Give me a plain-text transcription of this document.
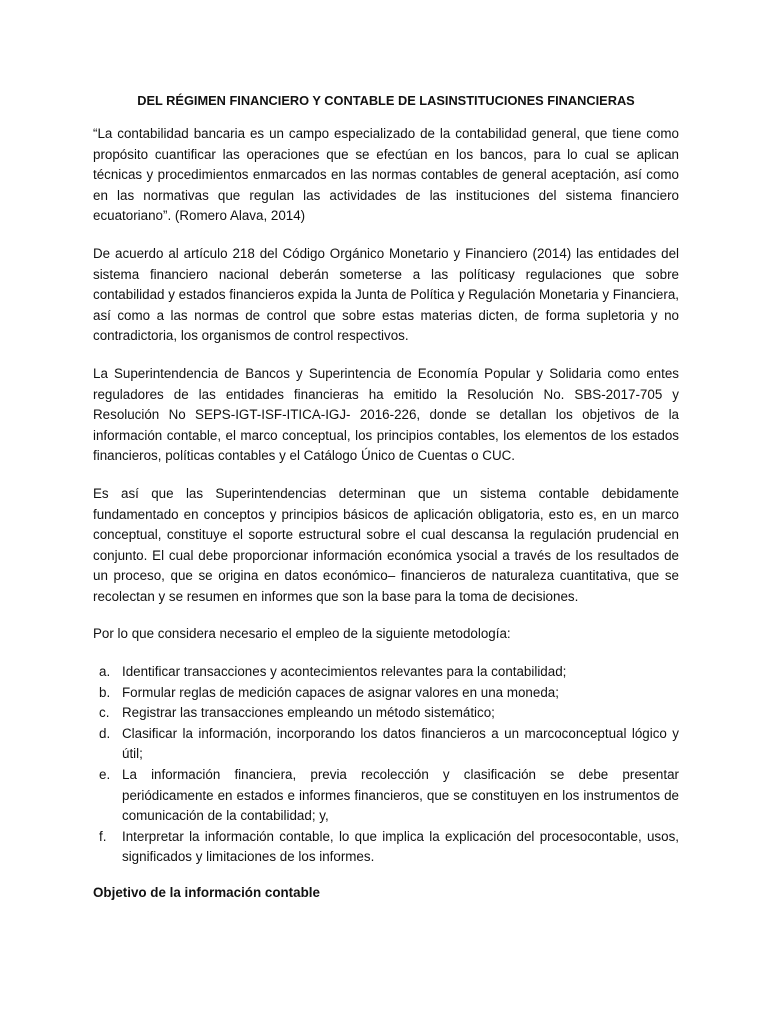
DEL RÉGIMEN FINANCIERO Y CONTABLE DE LASINSTITUCIONES FINANCIERAS

“La contabilidad bancaria es un campo especializado de la contabilidad general, que tiene como propósito cuantificar las operaciones que se efectúan en los bancos, para lo cual se aplican técnicas y procedimientos enmarcados en las normas contables de general aceptación, así como en las normativas que regulan las actividades de las instituciones del sistema financiero ecuatoriano”. (Romero Alava, 2014)

De acuerdo al artículo 218 del Código Orgánico Monetario y Financiero (2014) las entidades del sistema financiero nacional deberán someterse a las políticasy regulaciones que sobre contabilidad y estados financieros expida la Junta de Política y Regulación Monetaria y Financiera, así como a las normas de control que sobre estas materias dicten, de forma supletoria y no contradictoria, los organismos de control respectivos.

La Superintendencia de Bancos y Superintencia de Economía Popular y Solidaria como entes reguladores de las entidades financieras ha emitido la Resolución No. SBS-2017-705 y Resolución No SEPS-IGT-ISF-ITICA-IGJ- 2016-226, donde se detallan los objetivos de la información contable, el marco conceptual, los principios contables, los elementos de los estados financieros, políticas contables y el Catálogo Único de Cuentas o CUC.

Es así que las Superintendencias determinan que un sistema contable debidamente fundamentado en conceptos y principios básicos de aplicación obligatoria, esto es, en un marco conceptual, constituye el soporte estructural sobre el cual descansa la regulación prudencial en conjunto. El cual debe proporcionar información económica ysocial a través de los resultados de un proceso, que se origina en datos económico– financieros de naturaleza cuantitativa, que se recolectan y se resumen en informes que son la base para la toma de decisiones.

Por lo que considera necesario el empleo de la siguiente metodología:

a. Identificar transacciones y acontecimientos relevantes para la contabilidad;
b. Formular reglas de medición capaces de asignar valores en una moneda;
c. Registrar las transacciones empleando un método sistemático;
d. Clasificar la información, incorporando los datos financieros a un marcoconceptual lógico y útil;
e. La información financiera, previa recolección y clasificación se debe presentar periódicamente en estados e informes financieros, que se constituyen en los instrumentos de comunicación de la contabilidad; y,
f. Interpretar la información contable, lo que implica la explicación del procesocontable, usos, significados y limitaciones de los informes.
Objetivo de la información contable
